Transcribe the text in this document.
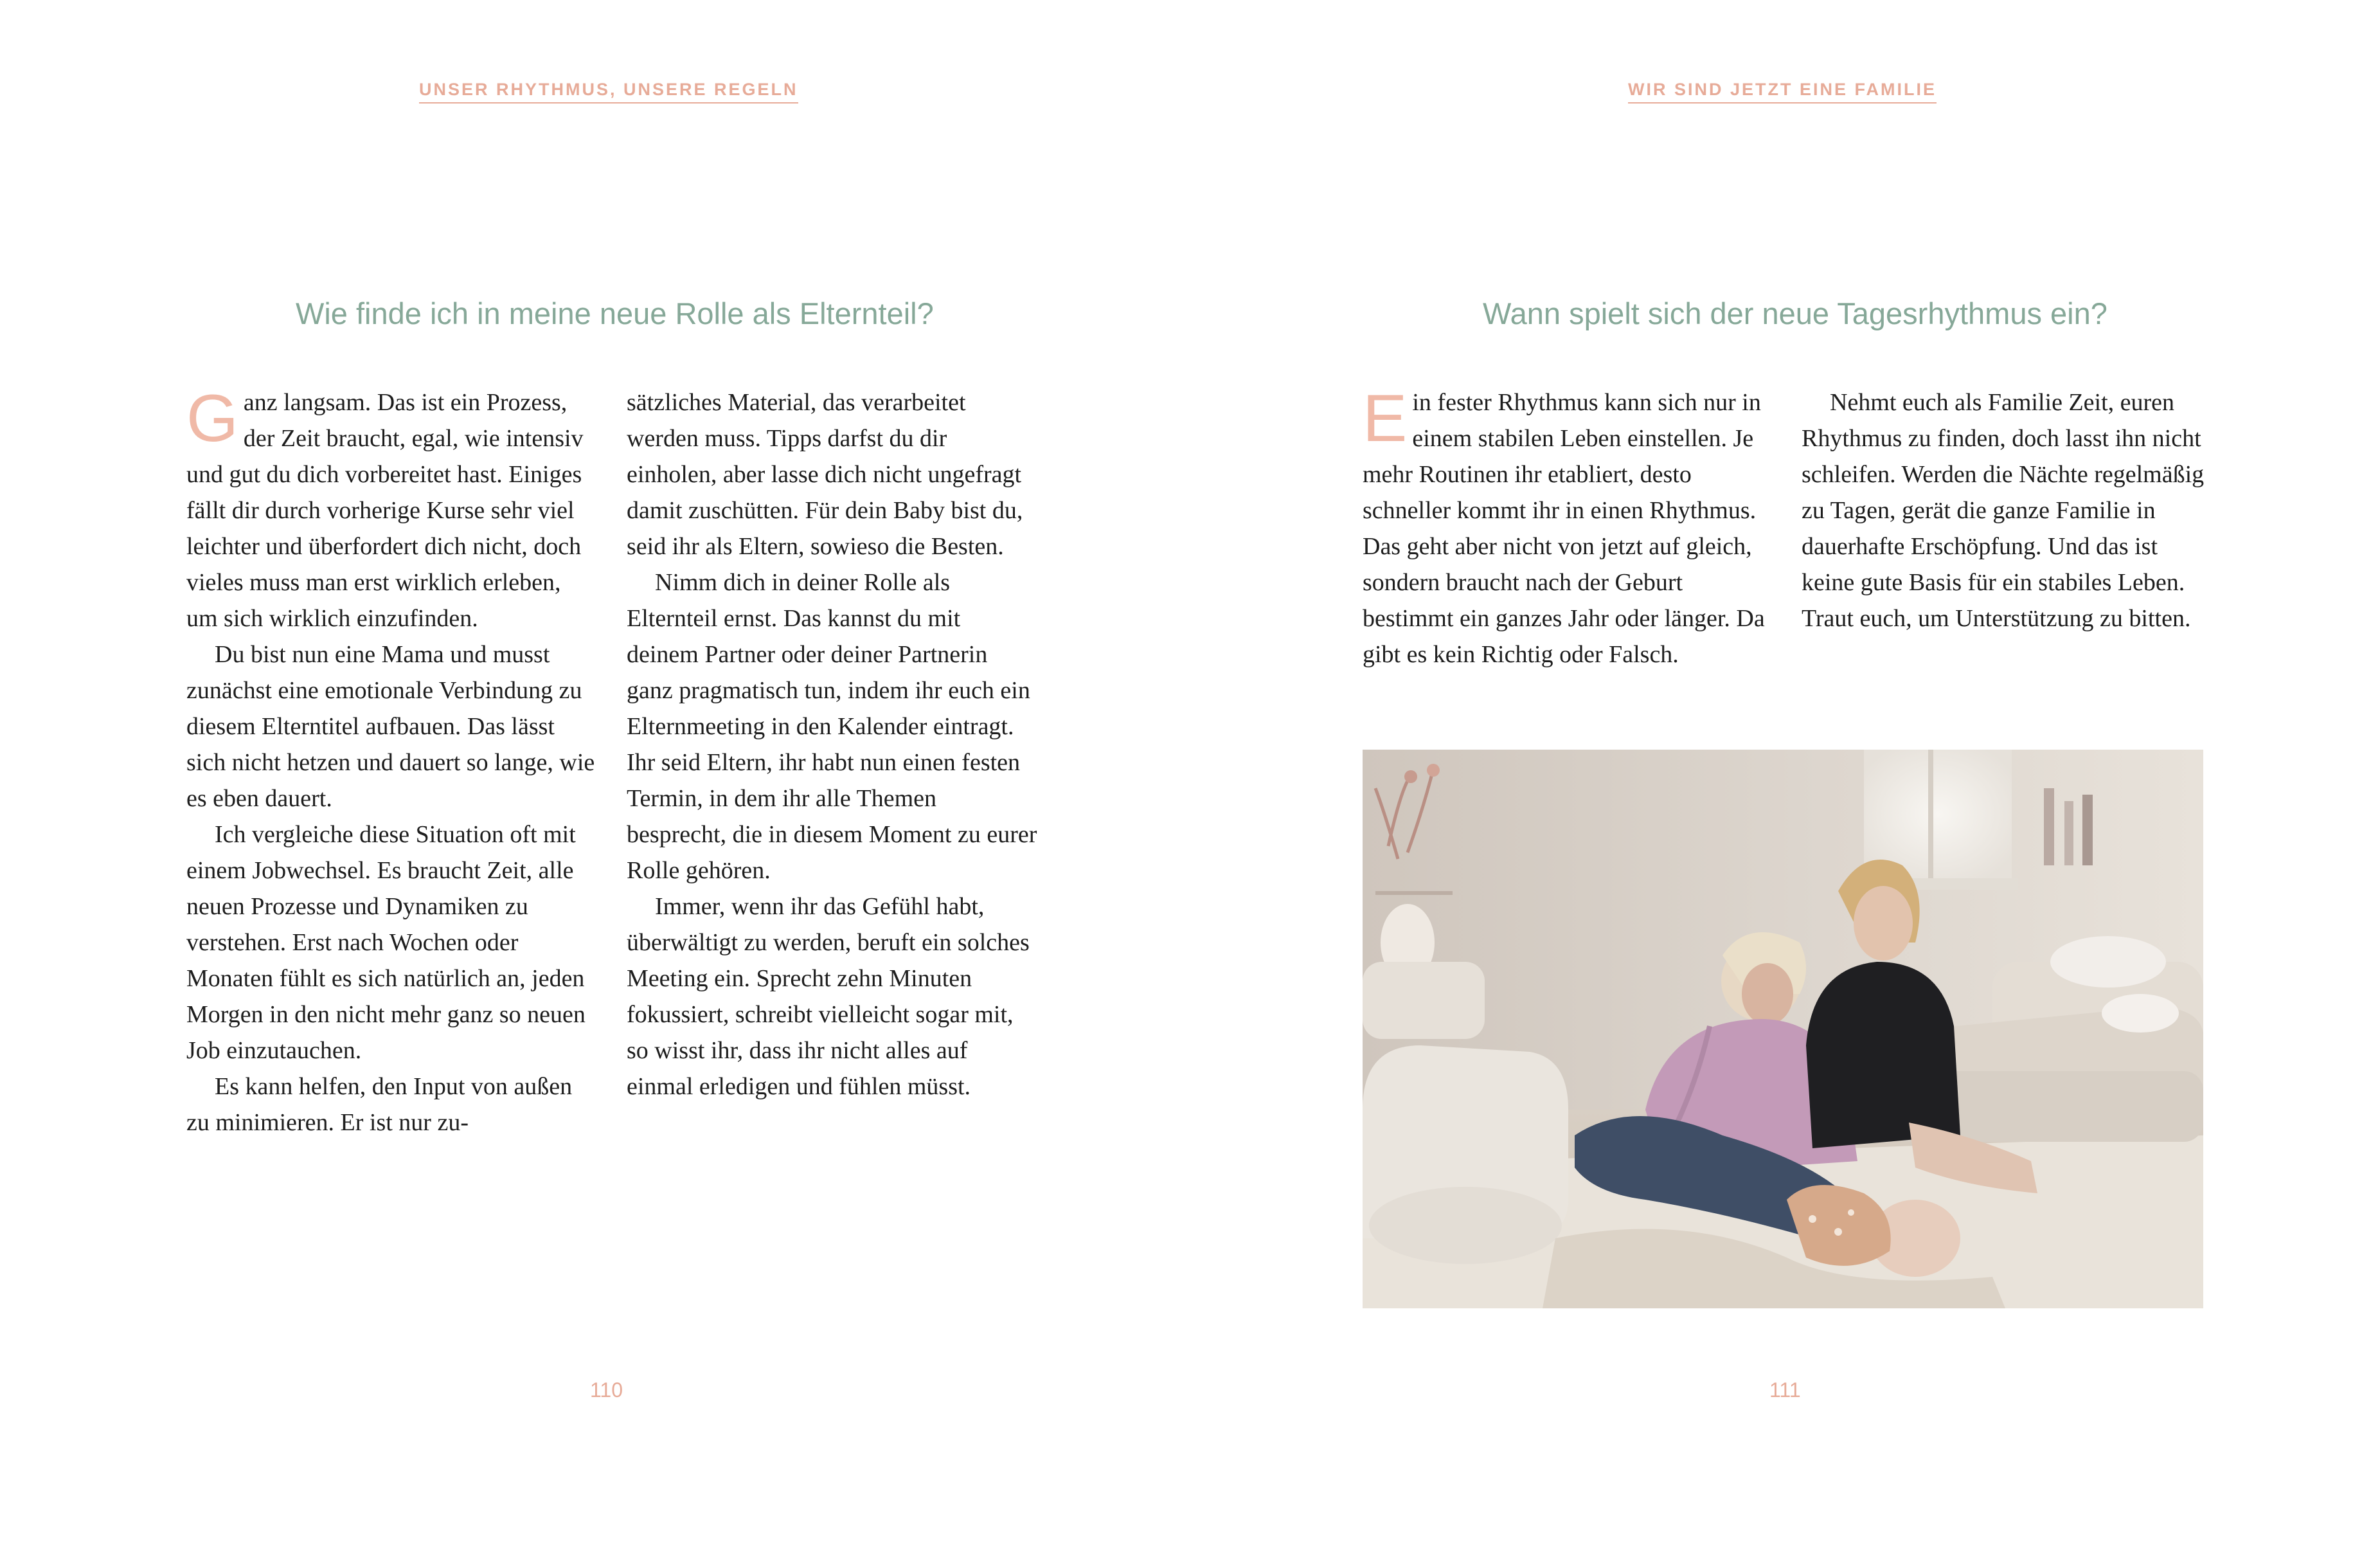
UNSER RHYTHMUS, UNSERE REGELN
Wie finde ich in meine neue Rolle als Elternteil?

Ganz langsam. Das ist ein Prozess, der Zeit braucht, egal, wie intensiv und gut du dich vorbereitet hast. Einiges fällt dir durch vorherige Kurse sehr viel leichter und überfordert dich nicht, doch vieles muss man erst wirklich erleben, um sich wirklich einzufinden.

Du bist nun eine Mama und musst zunächst eine emotionale Verbindung zu diesem Elterntitel aufbauen. Das lässt sich nicht hetzen und dauert so lange, wie es eben dauert.

Ich vergleiche diese Situation oft mit einem Jobwechsel. Es braucht Zeit, alle neuen Prozesse und Dynamiken zu verstehen. Erst nach Wochen oder Monaten fühlt es sich natürlich an, jeden Morgen in den nicht mehr ganz so neuen Job einzutauchen.

Es kann helfen, den Input von außen zu minimieren. Er ist nur zu-

sätzliches Material, das verarbeitet werden muss. Tipps darfst du dir einholen, aber lasse dich nicht ungefragt damit zuschütten. Für dein Baby bist du, seid ihr als Eltern, sowieso die Besten.

Nimm dich in deiner Rolle als Elternteil ernst. Das kannst du mit deinem Partner oder deiner Partnerin ganz pragmatisch tun, indem ihr euch ein Elternmeeting in den Kalender eintragt. Ihr seid Eltern, ihr habt nun einen festen Termin, in dem ihr alle Themen besprecht, die in diesem Moment zu eurer Rolle gehören.

Immer, wenn ihr das Gefühl habt, überwältigt zu werden, beruft ein solches Meeting ein. Sprecht zehn Minuten fokussiert, schreibt vielleicht sogar mit, so wisst ihr, dass ihr nicht alles auf einmal erledigen und fühlen müsst.

110
WIR SIND JETZT EINE FAMILIE
Wann spielt sich der neue Tagesrhythmus ein?

Ein fester Rhythmus kann sich nur in einem stabilen Leben einstellen. Je mehr Routinen ihr etabliert, desto schneller kommt ihr in einen Rhythmus. Das geht aber nicht von jetzt auf gleich, sondern braucht nach der Geburt bestimmt ein ganzes Jahr oder länger. Da gibt es kein Richtig oder Falsch.

Nehmt euch als Familie Zeit, euren Rhythmus zu finden, doch lasst ihn nicht schleifen. Werden die Nächte regelmäßig zu Tagen, gerät die ganze Familie in dauerhafte Erschöpfung. Und das ist keine gute Basis für ein stabiles Leben. Traut euch, um Unterstützung zu bitten.

111
